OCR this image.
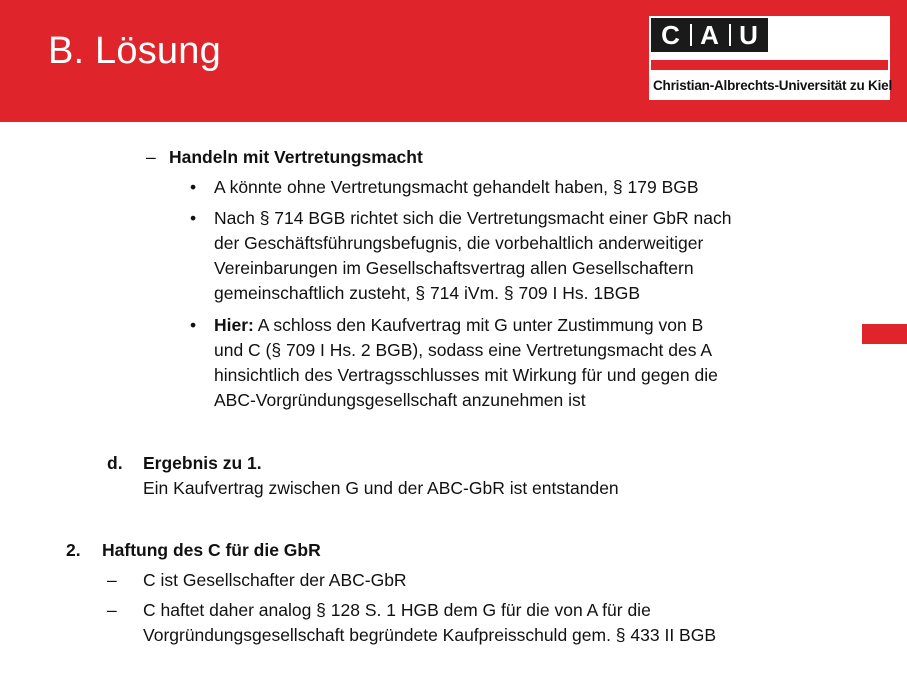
B. Lösung	C A U
Christian-Albrechts-Universität zu Kiel
– Handeln mit Vertretungsmacht
• A könnte ohne Vertretungsmacht gehandelt haben, § 179 BGB
• Nach § 714 BGB richtet sich die Vertretungsmacht einer GbR nach
der Geschäftsführungsbefugnis, die vorbehaltlich anderweitiger
Vereinbarungen im Gesellschaftsvertrag allen Gesellschaftern
gemeinschaftlich zusteht, § 714 iVm. § 709 I Hs. 1BGB
• Hier: A schloss den Kaufvertrag mit G unter Zustimmung von B
und C (§ 709 I Hs. 2 BGB), sodass eine Vertretungsmacht des A
hinsichtlich des Vertragsschlusses mit Wirkung für und gegen die
ABC-Vorgründungsgesellschaft anzunehmen ist
d. Ergebnis zu 1.
Ein Kaufvertrag zwischen G und der ABC-GbR ist entstanden
2. Haftung des C für die GbR
– C ist Gesellschafter der ABC-GbR
– C haftet daher analog § 128 S. 1 HGB dem G für die von A für die
Vorgründungsgesellschaft begründete Kaufpreisschuld gem. § 433 II BGB
